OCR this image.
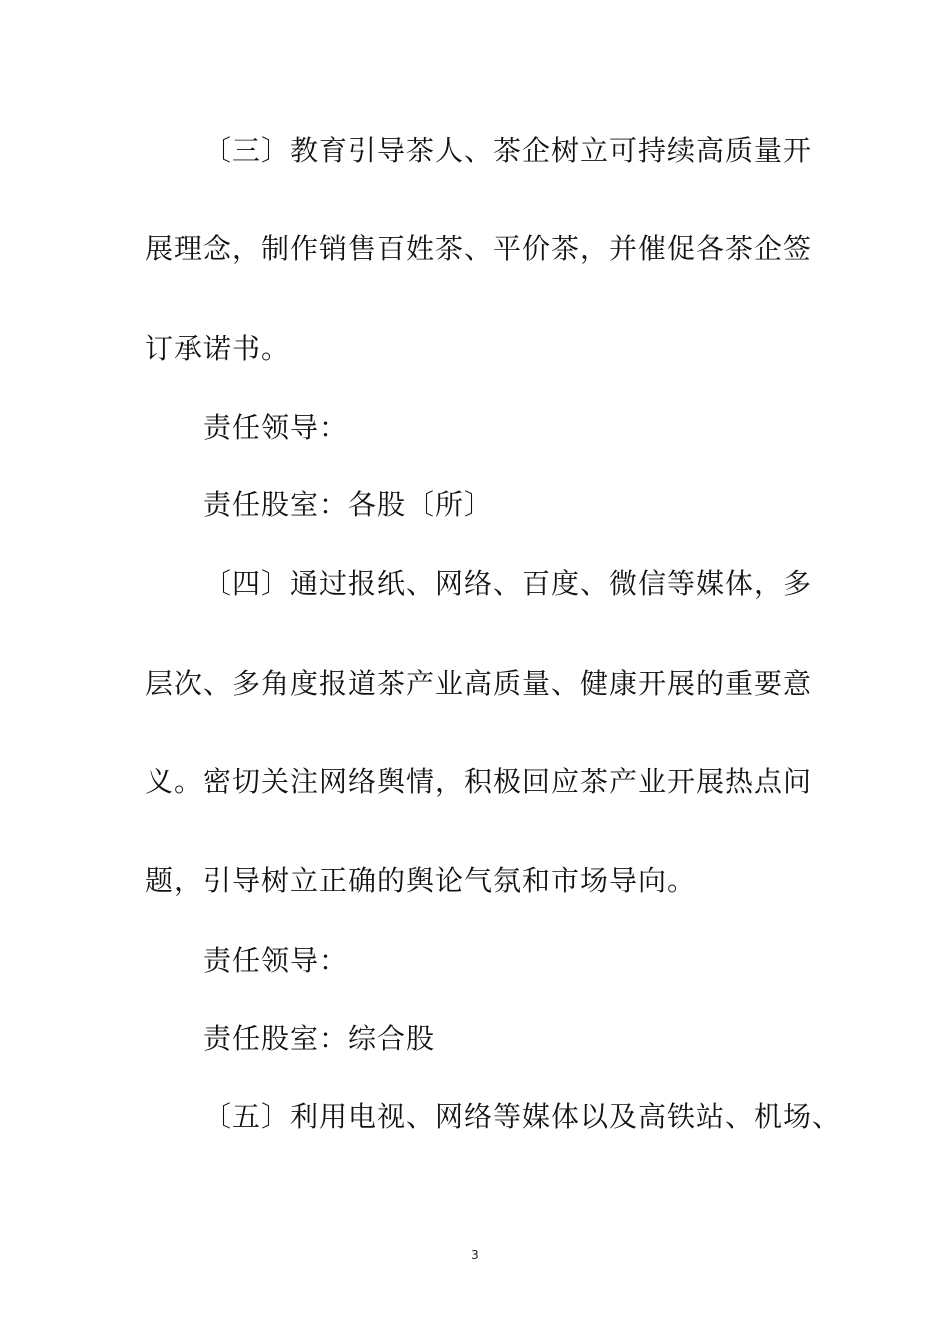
〔三〕教育引导茶人、茶企树立可持续高质量开
展理念，制作销售百姓茶、平价茶，并催促各茶企签
订承诺书。
责任领导：
责任股室：各股〔所〕
〔四〕通过报纸、网络、百度、微信等媒体，多
层次、多角度报道茶产业高质量、健康开展的重要意
义。密切关注网络舆情，积极回应茶产业开展热点问
题，引导树立正确的舆论气氛和市场导向。
责任领导：
责任股室：综合股
〔五〕利用电视、网络等媒体以及高铁站、机场、
3
